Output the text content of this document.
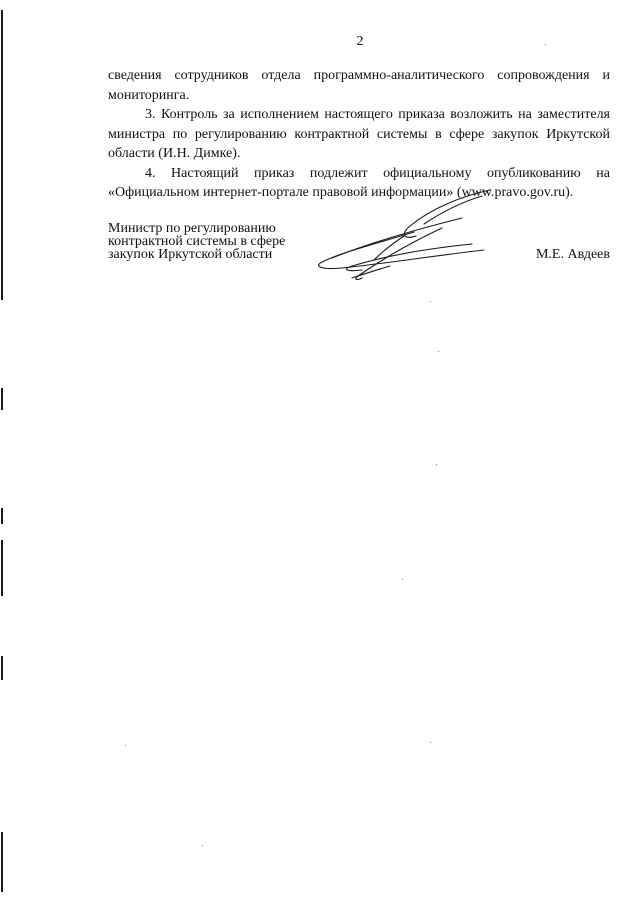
2

сведения сотрудников отдела программно-аналитического сопровождения и мониторинга.

3. Контроль за исполнением настоящего приказа возложить на заместителя министра по регулированию контрактной системы в сфере закупок Иркутской области (И.Н. Димке).

4. Настоящий приказ подлежит официальному опубликованию на «Официальном интернет-портале правовой информации» (www.pravo.gov.ru).

Министр по регулированию
контрактной системы в сфере
закупок Иркутской области	М.Е. Авдеев
